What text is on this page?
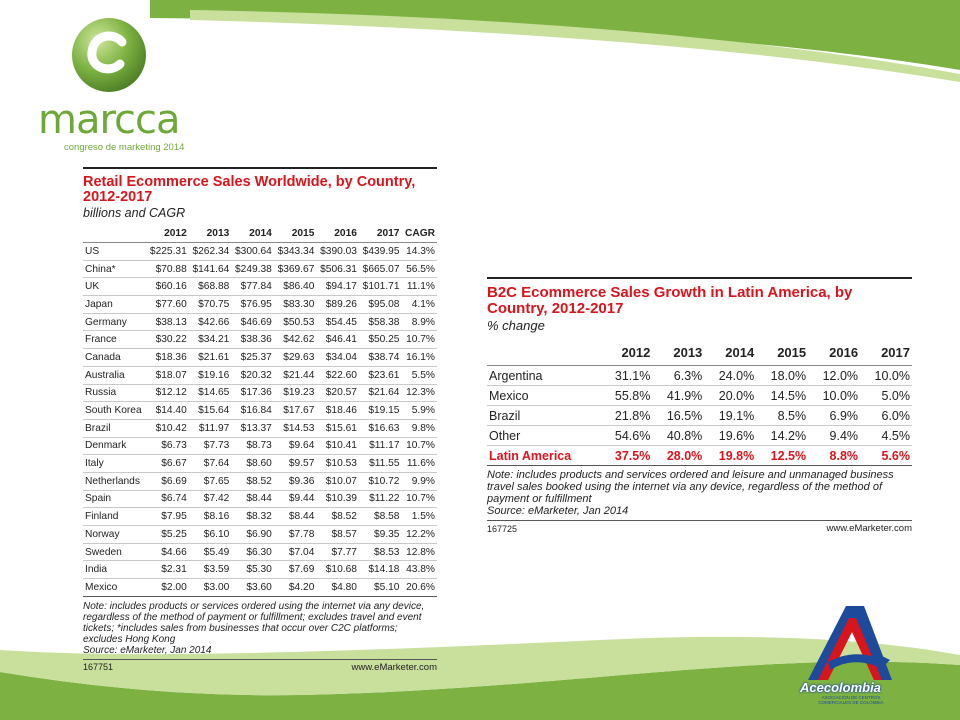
marcca
congreso de marketing 2014
Retail Ecommerce Sales Worldwide, by Country, 2012-2017
billions and CAGR
	2012	2013	2014	2015	2016	2017	CAGR
US	$225.31	$262.34	$300.64	$343.34	$390.03	$439.95	14.3%
China*	$70.88	$141.64	$249.38	$369.67	$506.31	$665.07	56.5%
UK	$60.16	$68.88	$77.84	$86.40	$94.17	$101.71	11.1%
Japan	$77.60	$70.75	$76.95	$83.30	$89.26	$95.08	4.1%
Germany	$38.13	$42.66	$46.69	$50.53	$54.45	$58.38	8.9%
France	$30.22	$34.21	$38.36	$42.62	$46.41	$50.25	10.7%
Canada	$18.36	$21.61	$25.37	$29.63	$34.04	$38.74	16.1%
Australia	$18.07	$19.16	$20.32	$21.44	$22.60	$23.61	5.5%
Russia	$12.12	$14.65	$17.36	$19.23	$20.57	$21.64	12.3%
South Korea	$14.40	$15.64	$16.84	$17.67	$18.46	$19.15	5.9%
Brazil	$10.42	$11.97	$13.37	$14.53	$15.61	$16.63	9.8%
Denmark	$6.73	$7.73	$8.73	$9.64	$10.41	$11.17	10.7%
Italy	$6.67	$7.64	$8.60	$9.57	$10.53	$11.55	11.6%
Netherlands	$6.69	$7.65	$8.52	$9.36	$10.07	$10.72	9.9%
Spain	$6.74	$7.42	$8.44	$9.44	$10.39	$11.22	10.7%
Finland	$7.95	$8.16	$8.32	$8.44	$8.52	$8.58	1.5%
Norway	$5.25	$6.10	$6.90	$7.78	$8.57	$9.35	12.2%
Sweden	$4.66	$5.49	$6.30	$7.04	$7.77	$8.53	12.8%
India	$2.31	$3.59	$5.30	$7.69	$10.68	$14.18	43.8%
Mexico	$2.00	$3.00	$3.60	$4.20	$4.80	$5.10	20.6%
Note: includes products or services ordered using the internet via any device, regardless of the method of payment or fulfillment; excludes travel and event tickets; *includes sales from businesses that occur over C2C platforms; excludes Hong Kong
Source: eMarketer, Jan 2014
167751	www.eMarketer.com
B2C Ecommerce Sales Growth in Latin America, by Country, 2012-2017
% change
	2012	2013	2014	2015	2016	2017
Argentina	31.1%	6.3%	24.0%	18.0%	12.0%	10.0%
Mexico	55.8%	41.9%	20.0%	14.5%	10.0%	5.0%
Brazil	21.8%	16.5%	19.1%	8.5%	6.9%	6.0%
Other	54.6%	40.8%	19.6%	14.2%	9.4%	4.5%
Latin America	37.5%	28.0%	19.8%	12.5%	8.8%	5.6%
Note: includes products and services ordered and leisure and unmanaged business travel sales booked using the internet via any device, regardless of the method of payment or fulfillment
Source: eMarketer, Jan 2014
167725	www.eMarketer.com
Acecolombia
ASOCIACIÓN DE CENTROS COMERCIALES DE COLOMBIA
